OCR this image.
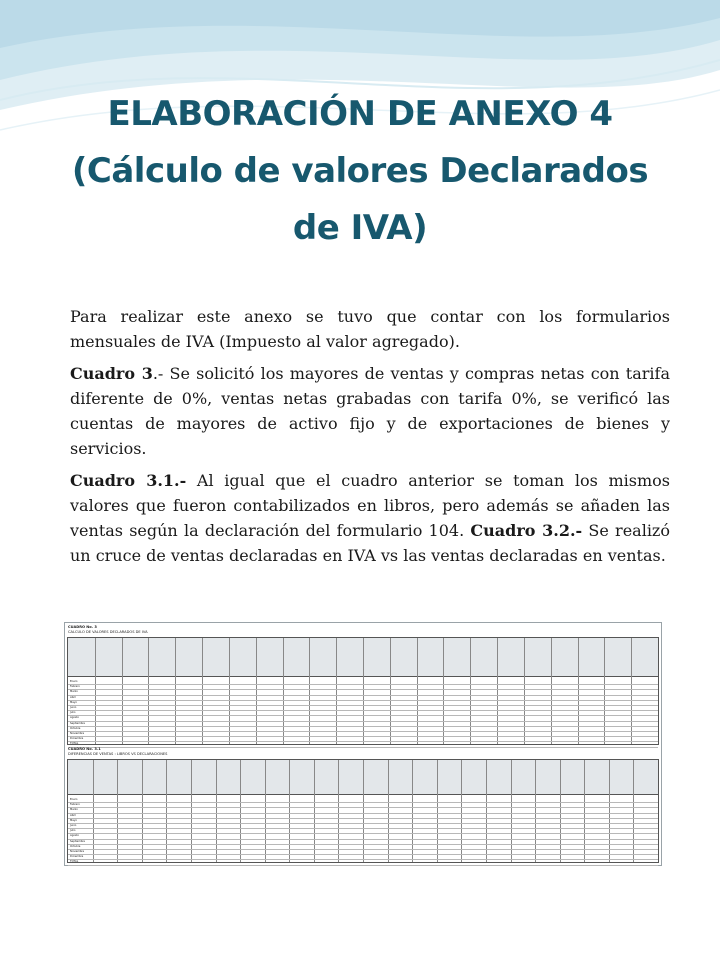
ELABORACIÓN DE ANEXO 4
(Cálculo de valores Declarados
de IVA)

Para realizar este anexo se tuvo que contar con los formularios mensuales de IVA (Impuesto al valor agregado).

Cuadro 3.- Se solicitó los mayores de ventas y compras netas con tarifa diferente de 0%, ventas netas grabadas con tarifa 0%, se verificó las cuentas de mayores de activo fijo y de exportaciones de bienes y servicios.

Cuadro 3.1.- Al igual que el cuadro anterior se toman los mismos valores que fueron contabilizados en libros, pero además se añaden las ventas según la declaración del formulario 104. Cuadro 3.2.- Se realizó un cruce de ventas declaradas en IVA vs las ventas declaradas en ventas.

CUADRO No. 3
CALCULO DE VALORES DECLARADOS DE IVA
Enero
Febrero
Marzo
Abril
Mayo
Junio
Julio
Agosto
Septiembre
Octubre
Noviembre
Diciembre
TOTAL
CUADRO No. 3.1
DIFERENCIAS DE VENTAS : LIBROS VS DECLARACIONES
Enero
Febrero
Marzo
Abril
Mayo
Junio
Julio
Agosto
Septiembre
Octubre
Noviembre
Diciembre
TOTAL
